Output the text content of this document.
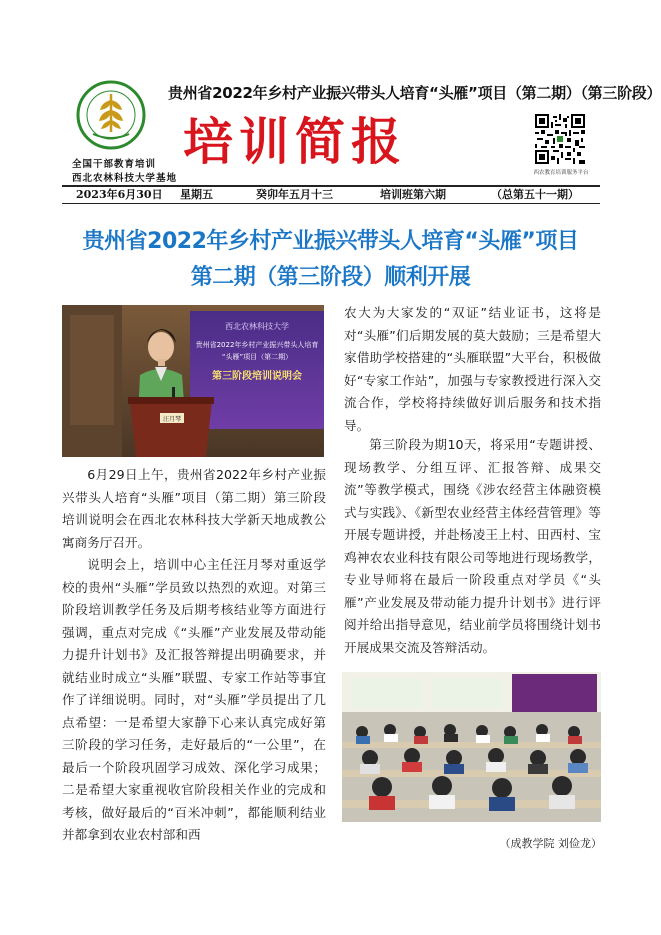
贵州省2022年乡村产业振兴带头人培育“头雁”项目（第二期）（第三阶段）
培训简报
全国干部教育培训
西北农林科技大学基地	西农教育培训服务平台
2023年6月30日 星期五	癸卯年五月十三	培训班第六期	（总第五十一期）
贵州省2022年乡村产业振兴带头人培育“头雁”项目
第二期（第三阶段）顺利开展
西北农林科技大学
贵州省2022年乡村产业振兴带头人培育
“头雁”项目（第二期）
第三阶段培训说明会
汪月琴

6月29日上午，贵州省2022年乡村产业振兴带头人培育“头雁”项目（第二期）第三阶段培训说明会在西北农林科技大学新天地成教公寓商务厅召开。

说明会上，培训中心主任汪月琴对重返学校的贵州“头雁”学员致以热烈的欢迎。对第三阶段培训教学任务及后期考核结业等方面进行强调，重点对完成《“头雁”产业发展及带动能力提升计划书》及汇报答辩提出明确要求，并就结业时成立“头雁”联盟、专家工作站等事宜作了详细说明。同时，对“头雁”学员提出了几点希望：一是希望大家静下心来认真完成好第三阶段的学习任务，走好最后的“一公里”，在最后一个阶段巩固学习成效、深化学习成果；二是希望大家重视收官阶段相关作业的完成和考核，做好最后的“百米冲刺”，都能顺利结业并都拿到农业农村部和西

农大为大家发的“双证”结业证书，这将是对“头雁”们后期发展的莫大鼓励；三是希望大家借助学校搭建的“头雁联盟”大平台，积极做好“专家工作站”，加强与专家教授进行深入交流合作，学校将持续做好训后服务和技术指导。

第三阶段为期10天，将采用“专题讲授、现场教学、分组互评、汇报答辩、成果交流”等教学模式，围绕《涉农经营主体融资模式与实践》、《新型农业经营主体经营管理》等开展专题讲授，并赴杨凌王上村、田西村、宝鸡神农农业科技有限公司等地进行现场教学，专业导师将在最后一阶段重点对学员《“头雁”产业发展及带动能力提升计划书》进行评阅并给出指导意见，结业前学员将围绕计划书开展成果交流及答辩活动。

（成教学院 刘俭龙）
